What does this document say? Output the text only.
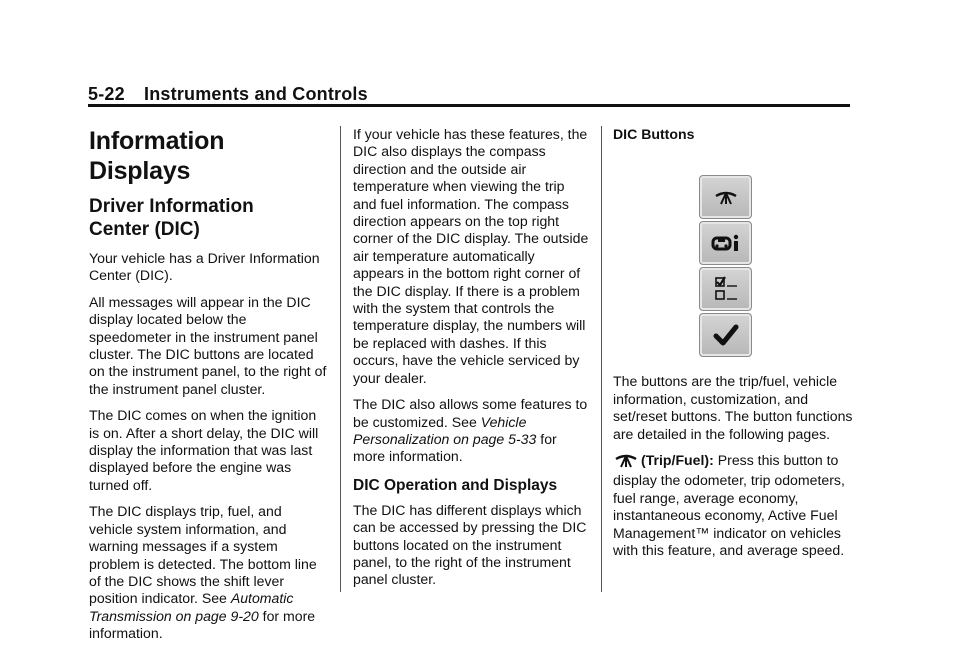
5-22 Instruments and Controls
Information Displays
Driver Information
Center (DIC)

Your vehicle has a Driver Information Center (DIC).

All messages will appear in the DIC display located below the speedometer in the instrument panel cluster. The DIC buttons are located on the instrument panel, to the right of the instrument panel cluster.

The DIC comes on when the ignition is on. After a short delay, the DIC will display the information that was last displayed before the engine was turned off.

The DIC displays trip, fuel, and vehicle system information, and warning messages if a system problem is detected. The bottom line of the DIC shows the shift lever position indicator. See Automatic Transmission on page 9‑20 for more information.

If your vehicle has these features, the DIC also displays the compass direction and the outside air temperature when viewing the trip and fuel information. The compass direction appears on the top right corner of the DIC display. The outside air temperature automatically appears in the bottom right corner of the DIC display. If there is a problem with the system that controls the temperature display, the numbers will be replaced with dashes. If this occurs, have the vehicle serviced by your dealer.

The DIC also allows some features to be customized. See Vehicle Personalization on page 5‑33 for more information.

DIC Operation and Displays

The DIC has different displays which can be accessed by pressing the DIC buttons located on the instrument panel, to the right of the instrument panel cluster.

DIC Buttons

The buttons are the trip/fuel, vehicle information, customization, and set/reset buttons. The button functions are detailed in the following pages.

(Trip/Fuel): Press this button to display the odometer, trip odometers, fuel range, average economy, instantaneous economy, Active Fuel Management™ indicator on vehicles with this feature, and average speed.
